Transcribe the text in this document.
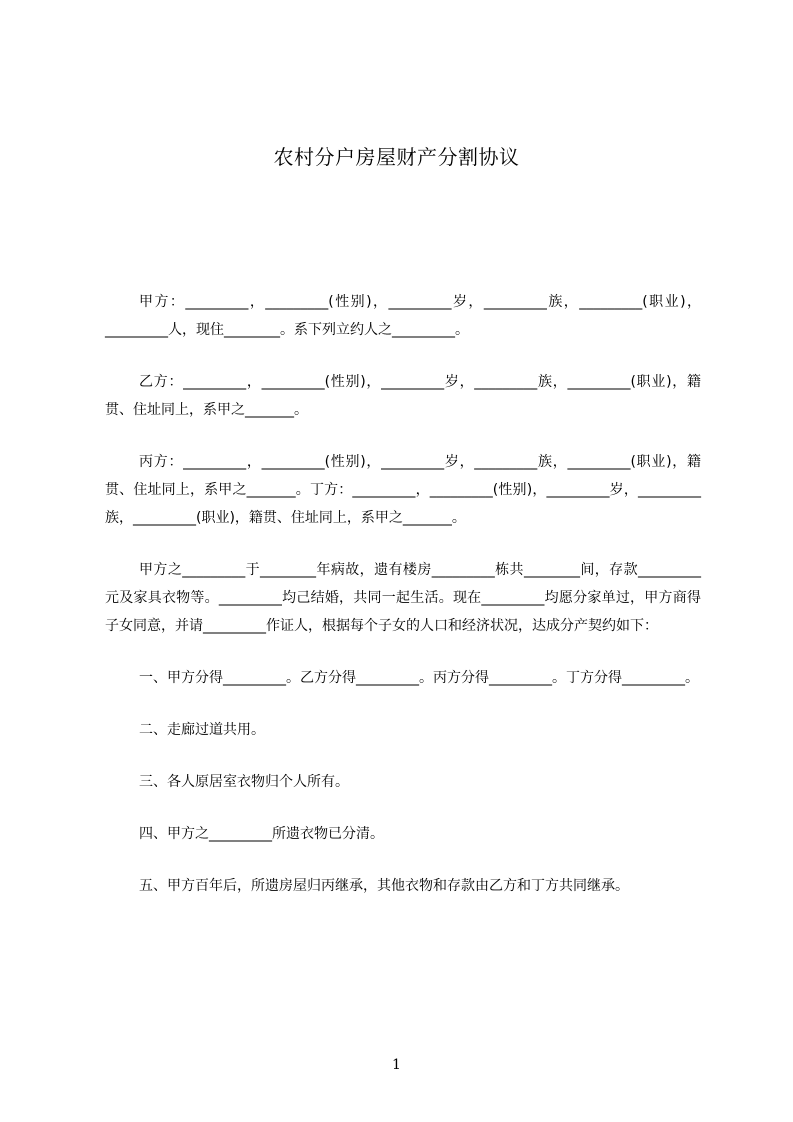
农村分户房屋财产分割协议

甲方：_________，_________(性别)，_________岁，_________族，_________(职业)，_________人，现住________。系下列立约人之_________。

乙方：_________，_________(性别)，_________岁，_________族，_________(职业)，籍贯、住址同上，系甲之_______。

丙方：_________，_________(性别)，_________岁，_________族，_________(职业)，籍贯、住址同上，系甲之_______。丁方：_________，_________(性别)，_________岁，_________族，_________(职业)，籍贯、住址同上，系甲之_______。

甲方之_________于________年病故，遗有楼房_________栋共________间，存款_________元及家具衣物等。_________均己结婚，共同一起生活。现在_________均愿分家单过，甲方商得子女同意，并请_________作证人，根据每个子女的人口和经济状况，达成分产契约如下：

一、甲方分得_________。乙方分得_________。丙方分得_________。丁方分得_________。

二、走廊过道共用。

三、各人原居室衣物归个人所有。

四、甲方之_________所遗衣物已分清。

五、甲方百年后，所遗房屋归丙继承，其他衣物和存款由乙方和丁方共同继承。

1
